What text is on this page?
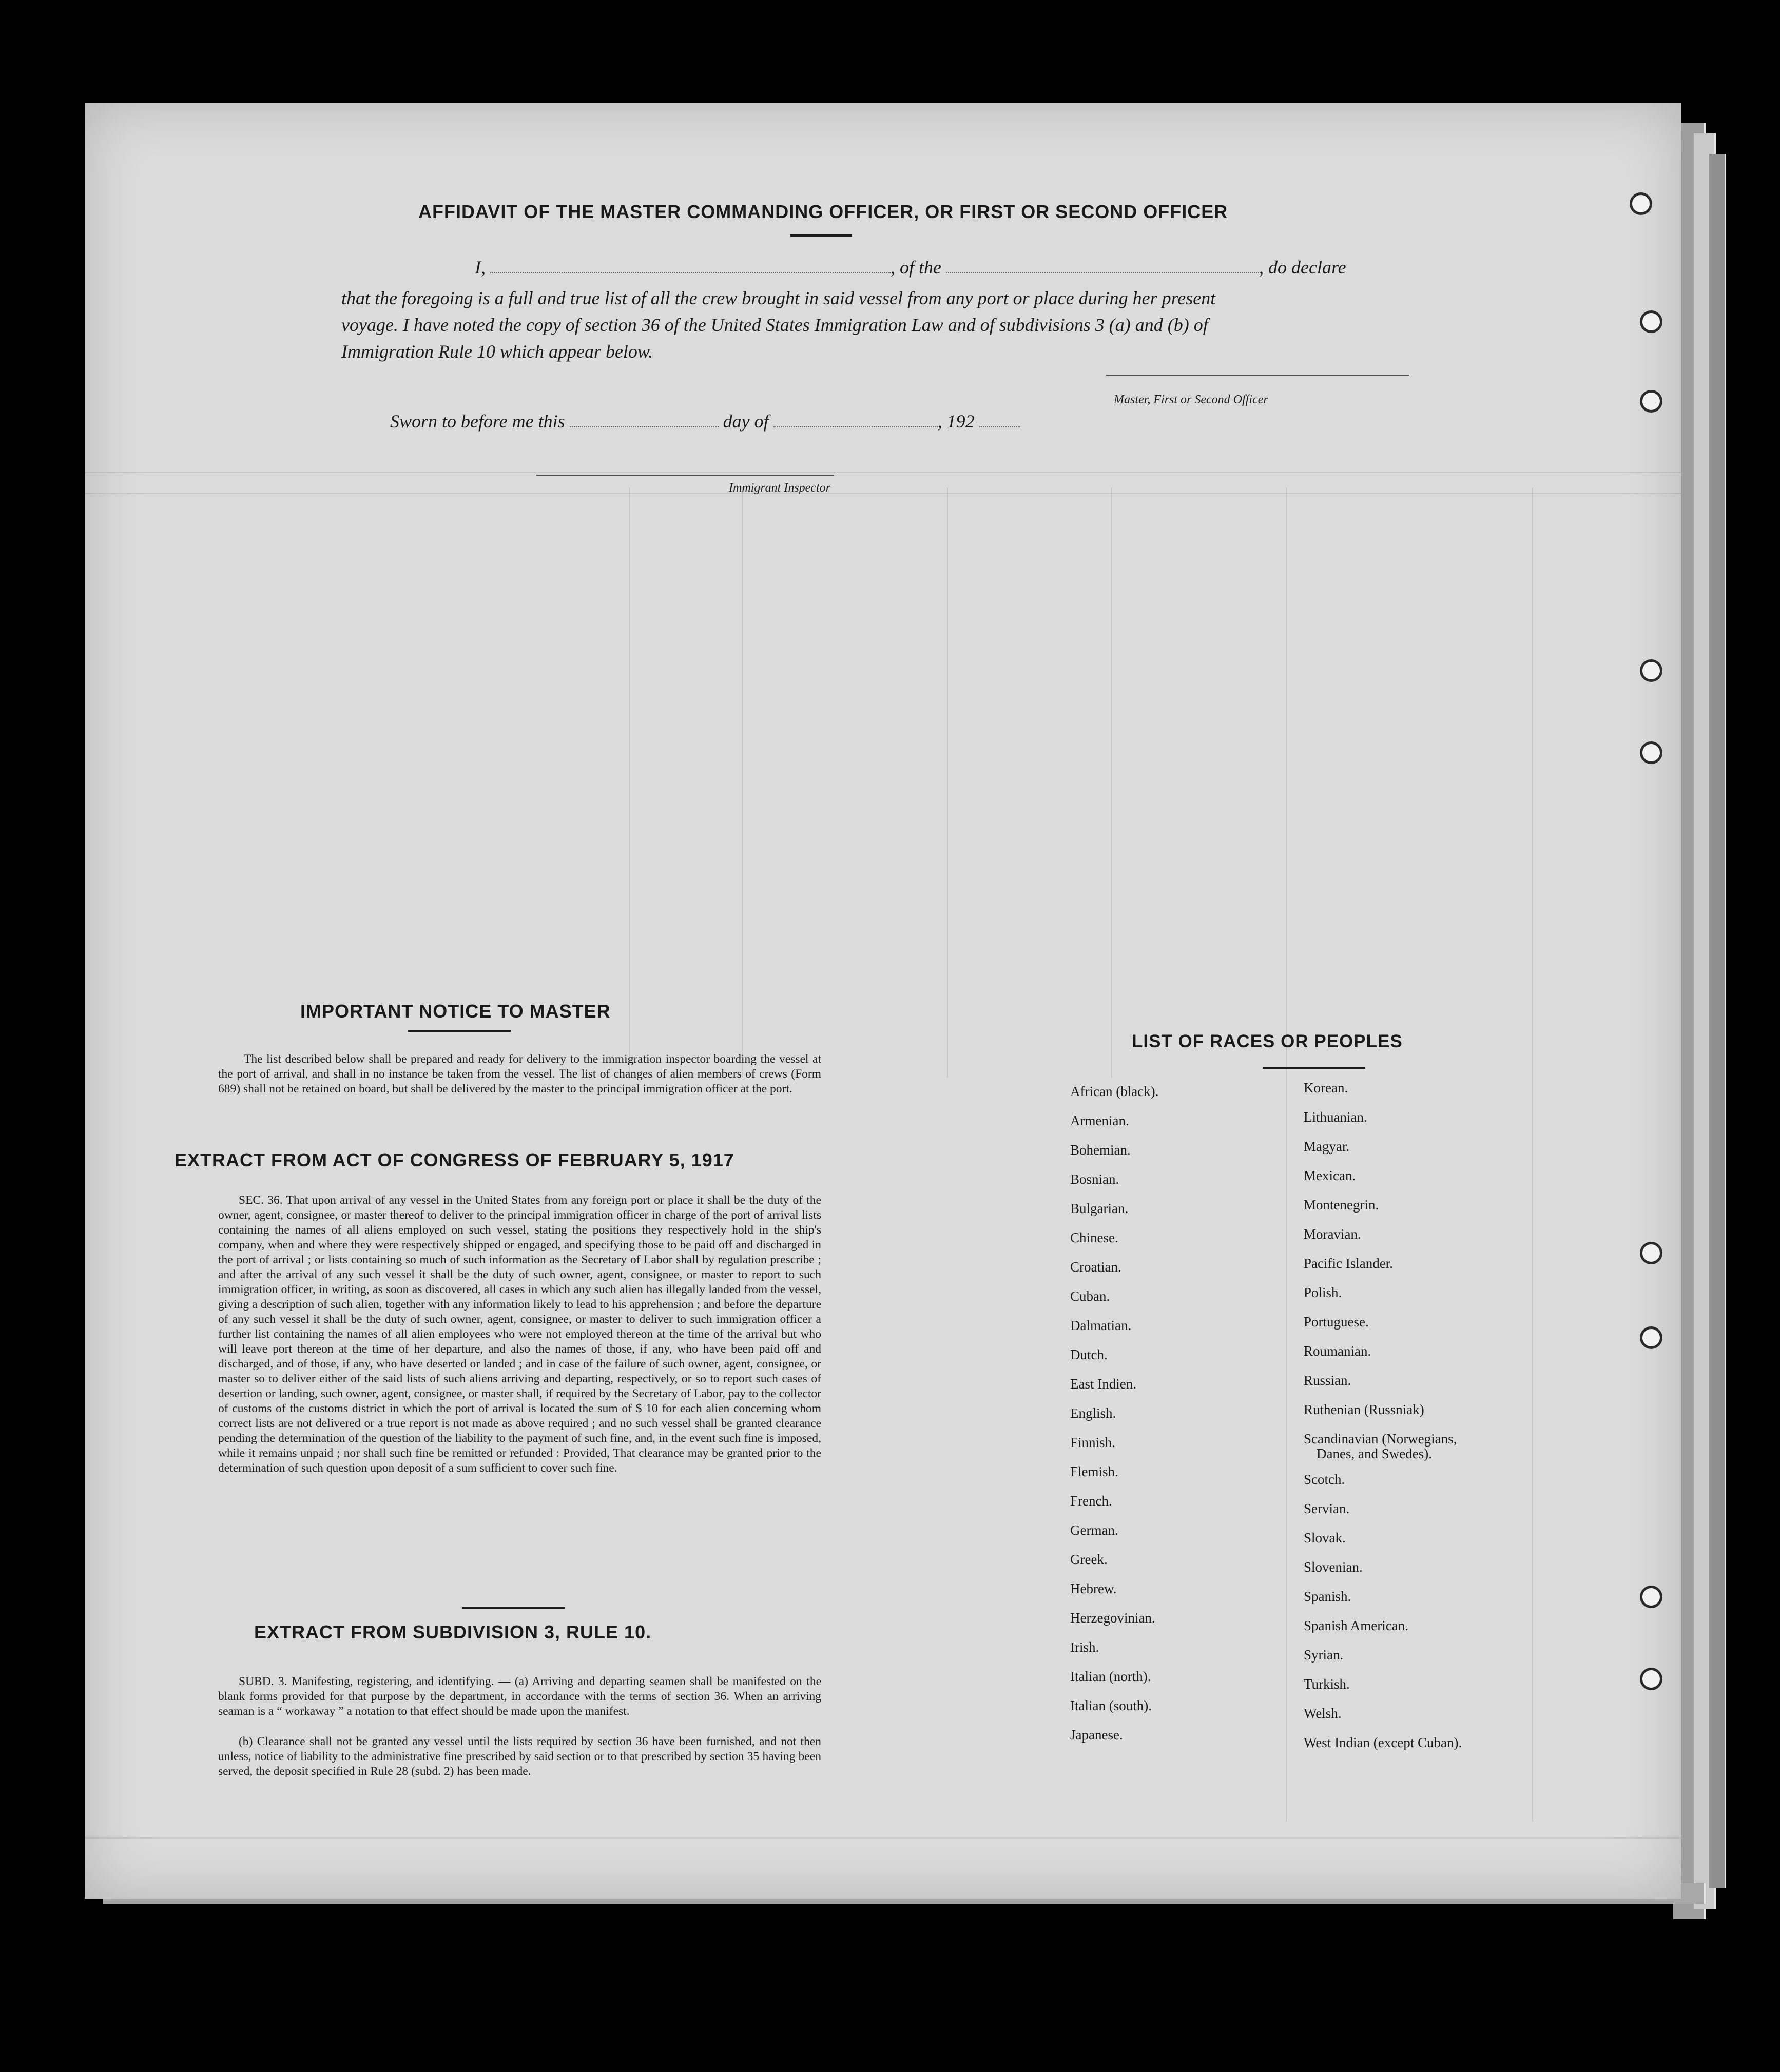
AFFIDAVIT OF THE MASTER COMMANDING OFFICER, OR FIRST OR SECOND OFFICER
I,	, of the	, do declare
that the foregoing is a full and true list of all the crew brought in said vessel from any port or place during her present
voyage. I have noted the copy of section 36 of the United States Immigration Law and of subdivisions 3 (a) and (b) of
Immigration Rule 10 which appear below.
Master, First or Second Officer
Sworn to before me this	day of	, 192
Immigrant Inspector
IMPORTANT NOTICE TO MASTER
The list described below shall be prepared and ready for delivery to the immigration inspector boarding the vessel at the port of arrival, and shall in no instance be taken from the vessel. The list of changes of alien members of crews (Form 689) shall not be retained on board, but shall be delivered by the master to the principal immigration officer at the port.
EXTRACT FROM ACT OF CONGRESS OF FEBRUARY 5, 1917
SEC. 36. That upon arrival of any vessel in the United States from any foreign port or place it shall be the duty of the owner, agent, consignee, or master thereof to deliver to the principal immigration officer in charge of the port of arrival lists containing the names of all aliens employed on such vessel, stating the positions they respectively hold in the ship's company, when and where they were respectively shipped or engaged, and specifying those to be paid off and discharged in the port of arrival ; or lists containing so much of such information as the Secretary of Labor shall by regulation prescribe ; and after the arrival of any such vessel it shall be the duty of such owner, agent, consignee, or master to report to such immigration officer, in writing, as soon as discovered, all cases in which any such alien has illegally landed from the vessel, giving a description of such alien, together with any information likely to lead to his apprehension ; and before the departure of any such vessel it shall be the duty of such owner, agent, consignee, or master to deliver to such immigration officer a further list containing the names of all alien employees who were not employed thereon at the time of the arrival but who will leave port thereon at the time of her departure, and also the names of those, if any, who have been paid off and discharged, and of those, if any, who have deserted or landed ; and in case of the failure of such owner, agent, consignee, or master so to deliver either of the said lists of such aliens arriving and departing, respectively, or so to report such cases of desertion or landing, such owner, agent, consignee, or master shall, if required by the Secretary of Labor, pay to the collector of customs of the customs district in which the port of arrival is located the sum of $ 10 for each alien concerning whom correct lists are not delivered or a true report is not made as above required ; and no such vessel shall be granted clearance pending the determination of the question of the liability to the payment of such fine, and, in the event such fine is imposed, while it remains unpaid ; nor shall such fine be remitted or refunded : Provided, That clearance may be granted prior to the determination of such question upon deposit of a sum sufficient to cover such fine.
EXTRACT FROM SUBDIVISION 3, RULE 10.
SUBD. 3. Manifesting, registering, and identifying. — (a) Arriving and departing seamen shall be manifested on the blank forms provided for that purpose by the department, in accordance with the terms of section 36. When an arriving seaman is a “ workaway ” a notation to that effect should be made upon the manifest.
(b) Clearance shall not be granted any vessel until the lists required by section 36 have been furnished, and not then unless, notice of liability to the administrative fine prescribed by said section or to that prescribed by section 35 having been served, the deposit specified in Rule 28 (subd. 2) has been made.
LIST OF RACES OR PEOPLES
African (black).
Armenian.
Bohemian.
Bosnian.
Bulgarian.
Chinese.
Croatian.
Cuban.
Dalmatian.
Dutch.
East Indien.
English.
Finnish.
Flemish.
French.
German.
Greek.
Hebrew.
Herzegovinian.
Irish.
Italian (north).
Italian (south).
Japanese.
Korean.
Lithuanian.
Magyar.
Mexican.
Montenegrin.
Moravian.
Pacific Islander.
Polish.
Portuguese.
Roumanian.
Russian.
Ruthenian (Russniak)
Scandinavian (Norwegians,
Danes, and Swedes).
Scotch.
Servian.
Slovak.
Slovenian.
Spanish.
Spanish American.
Syrian.
Turkish.
Welsh.
West Indian (except Cuban).
